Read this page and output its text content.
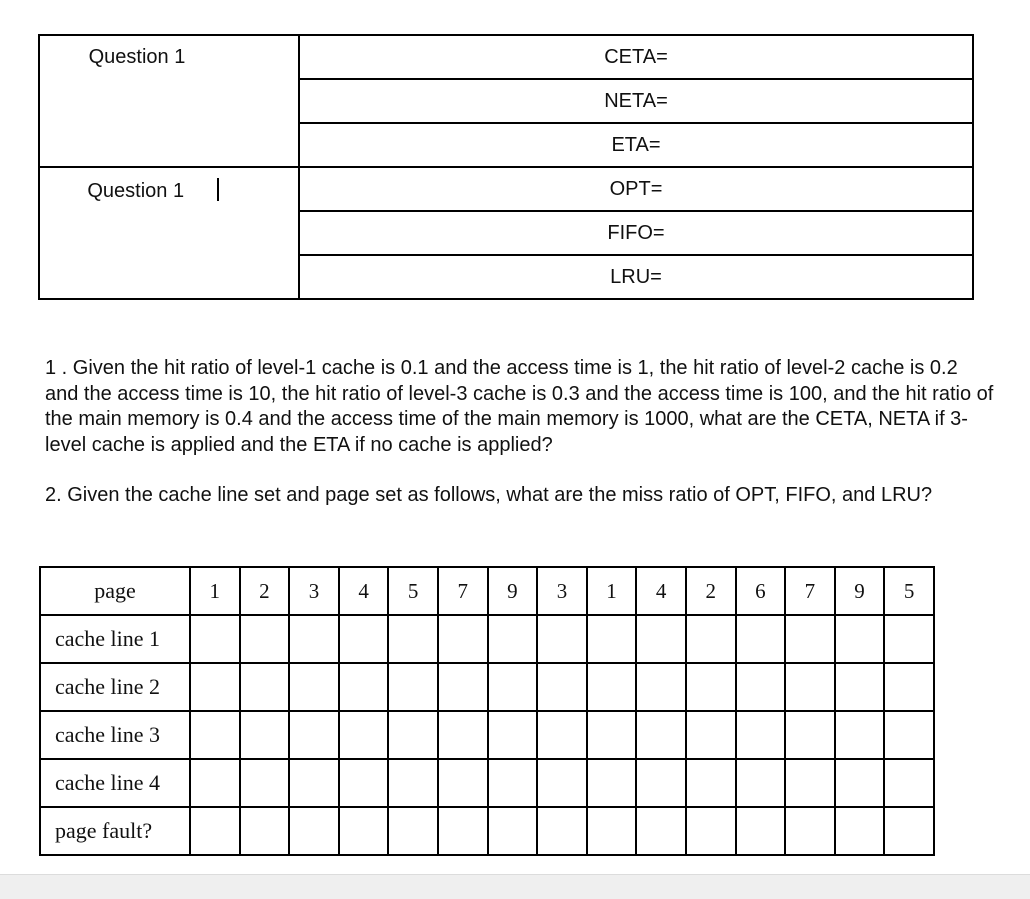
Question 1	CETA=
	NETA=
	ETA=
Question 1	OPT=
	FIFO=
	LRU=

1 . Given the hit ratio of level-1 cache is 0.1 and the access time is 1, the hit ratio of level-2 cache is 0.2 and the access time is 10, the hit ratio of level-3 cache is 0.3 and the access time is 100, and the hit ratio of the main memory is 0.4 and the access time of the main memory is 1000, what are the CETA, NETA if 3-level cache is applied and the ETA if no cache is applied?

2. Given the cache line set and page set as follows, what are the miss ratio of OPT, FIFO, and LRU?

page	1	2	3	4	5	7	9	3	1	4	2	6	7	9	5
cache line 1															
cache line 2															
cache line 3															
cache line 4															
page fault?															
